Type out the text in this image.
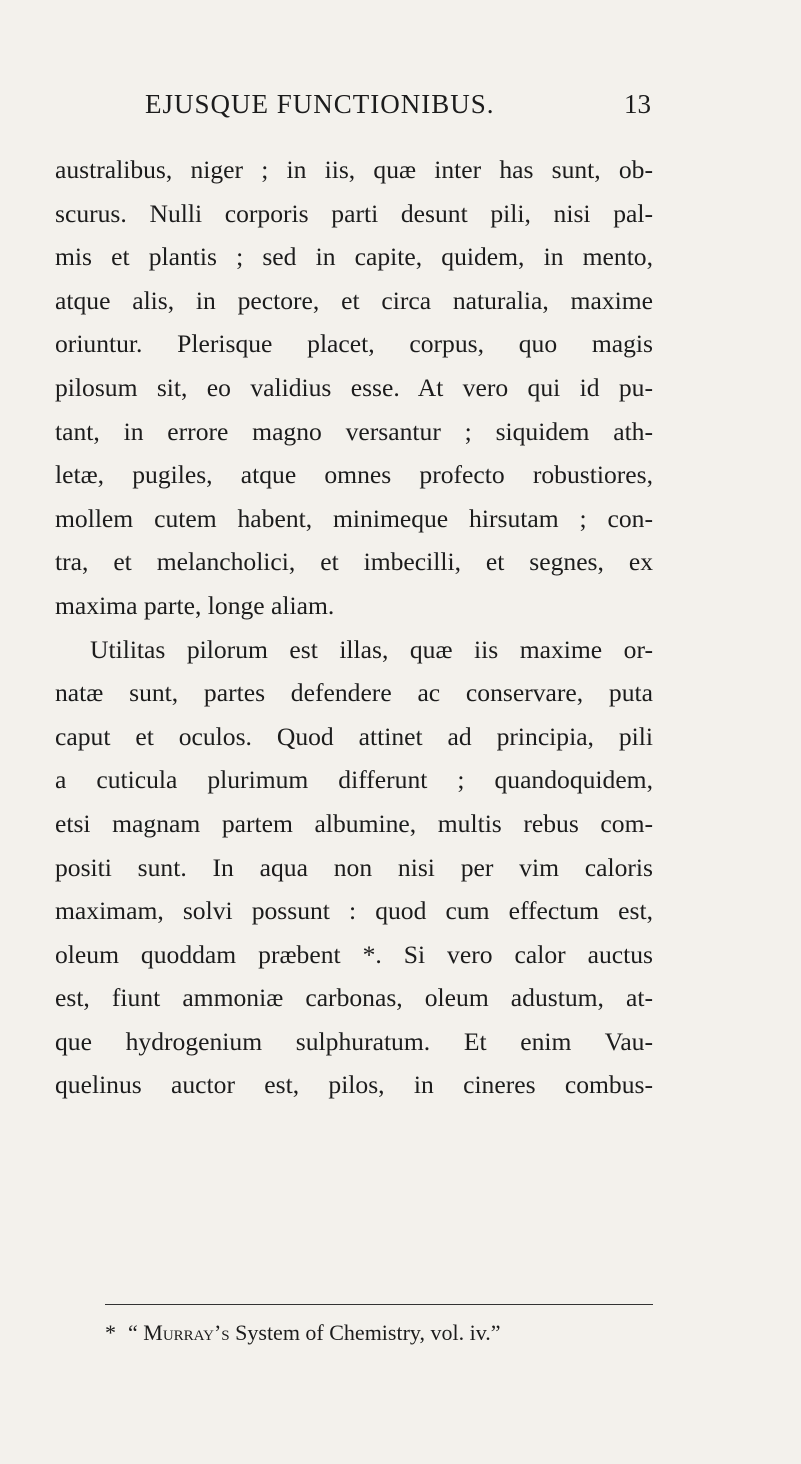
EJUSQUE FUNCTIONIBUS.	13
australibus, niger ; in iis, quæ inter has sunt, ob-
scurus. Nulli corporis parti desunt pili, nisi pal-
mis et plantis ; sed in capite, quidem, in mento,
atque alis, in pectore, et circa naturalia, maxime
oriuntur. Plerisque placet, corpus, quo magis
pilosum sit, eo validius esse. At vero qui id pu-
tant, in errore magno versantur ; siquidem ath-
letæ, pugiles, atque omnes profecto robustiores,
mollem cutem habent, minimeque hirsutam ; con-
tra, et melancholici, et imbecilli, et segnes, ex
maxima parte, longe aliam.
Utilitas pilorum est illas, quæ iis maxime or-
natæ sunt, partes defendere ac conservare, puta
caput et oculos. Quod attinet ad principia, pili
a cuticula plurimum differunt ; quandoquidem,
etsi magnam partem albumine, multis rebus com-
positi sunt. In aqua non nisi per vim caloris
maximam, solvi possunt : quod cum effectum est,
oleum quoddam præbent *. Si vero calor auctus
est, fiunt ammoniæ carbonas, oleum adustum, at-
que hydrogenium sulphuratum. Et enim Vau-
quelinus auctor est, pilos, in cineres combus-
* “ Murray’s System of Chemistry, vol. iv.”
